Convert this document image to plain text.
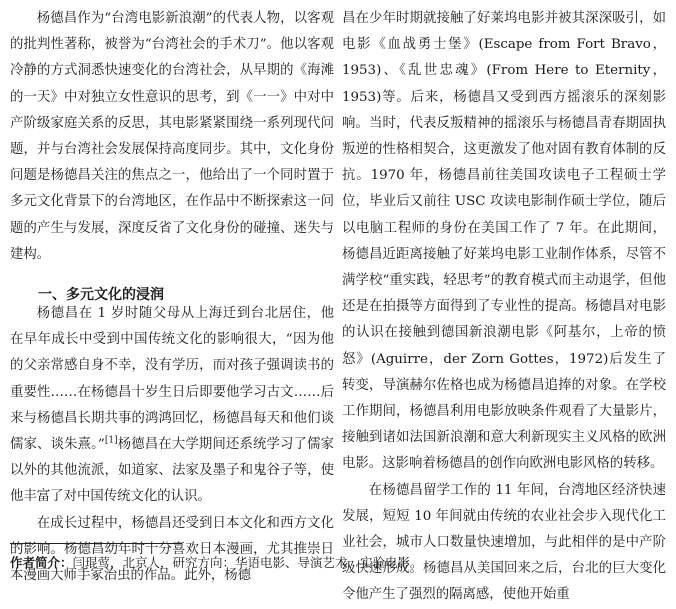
杨德昌作为“台湾电影新浪潮”的代表人物，以客观的批判性著称，被誉为“台湾社会的手术刀”。他以客观冷静的方式洞悉快速变化的台湾社会，从早期的《海滩的一天》中对独立女性意识的思考，到《一一》中对中产阶级家庭关系的反思，其电影紧紧围绕一系列现代问题，并与台湾社会发展保持高度同步。其中，文化身份问题是杨德昌关注的焦点之一，他给出了一个同时置于多元文化背景下的台湾地区，在作品中不断探索这一问题的产生与发展，深度反省了文化身份的碰撞、迷失与建构。

一、多元文化的浸润

杨德昌在 1 岁时随父母从上海迁到台北居住，他在早年成长中受到中国传统文化的影响很大，“因为他的父亲常感自身不幸，没有学历，而对孩子强调读书的重要性……在杨德昌十岁生日后即要他学习古文……后来与杨德昌长期共事的鸿鸿回忆，杨德昌每天和他们谈儒家、谈朱熹。”[1]杨德昌在大学期间还系统学习了儒家以外的其他流派，如道家、法家及墨子和鬼谷子等，使他丰富了对中国传统文化的认识。

在成长过程中，杨德昌还受到日本文化和西方文化的影响。杨德昌幼年时十分喜欢日本漫画，尤其推崇日本漫画大师手冢治虫的作品。此外，杨德

昌在少年时期就接触了好莱坞电影并被其深深吸引，如电影《血战勇士堡》(Escape from Fort Bravo，1953)、《乱世忠魂》(From Here to Eternity，1953)等。后来，杨德昌又受到西方摇滚乐的深刻影响。当时，代表反叛精神的摇滚乐与杨德昌青春期固执叛逆的性格相契合，这更激发了他对固有教育体制的反抗。1970 年，杨德昌前往美国攻读电子工程硕士学位，毕业后又前往 USC 攻读电影制作硕士学位，随后以电脑工程师的身份在美国工作了 7 年。在此期间，杨德昌近距离接触了好莱坞电影工业制作体系，尽管不满学校“重实践，轻思考”的教育模式而主动退学，但他还是在拍摄等方面得到了专业性的提高。杨德昌对电影的认识在接触到德国新浪潮电影《阿基尔，上帝的愤怒》(Aguirre，der Zorn Gottes，1972)后发生了转变，导演赫尔佐格也成为杨德昌追捧的对象。在学校工作期间，杨德昌利用电影放映条件观看了大量影片，接触到诸如法国新浪潮和意大利新现实主义风格的欧洲电影。这影响着杨德昌的创作向欧洲电影风格的转移。

在杨德昌留学工作的 11 年间，台湾地区经济快速发展，短短 10 年间就由传统的农业社会步入现代化工业社会，城市人口数量快速增加，与此相伴的是中产阶级快速形成。杨德昌从美国回来之后，台北的巨大变化令他产生了强烈的隔离感，使他开始重

作者简介：闫琨莺，北京人，研究方向：华语电影、导演艺术、实验电影。
